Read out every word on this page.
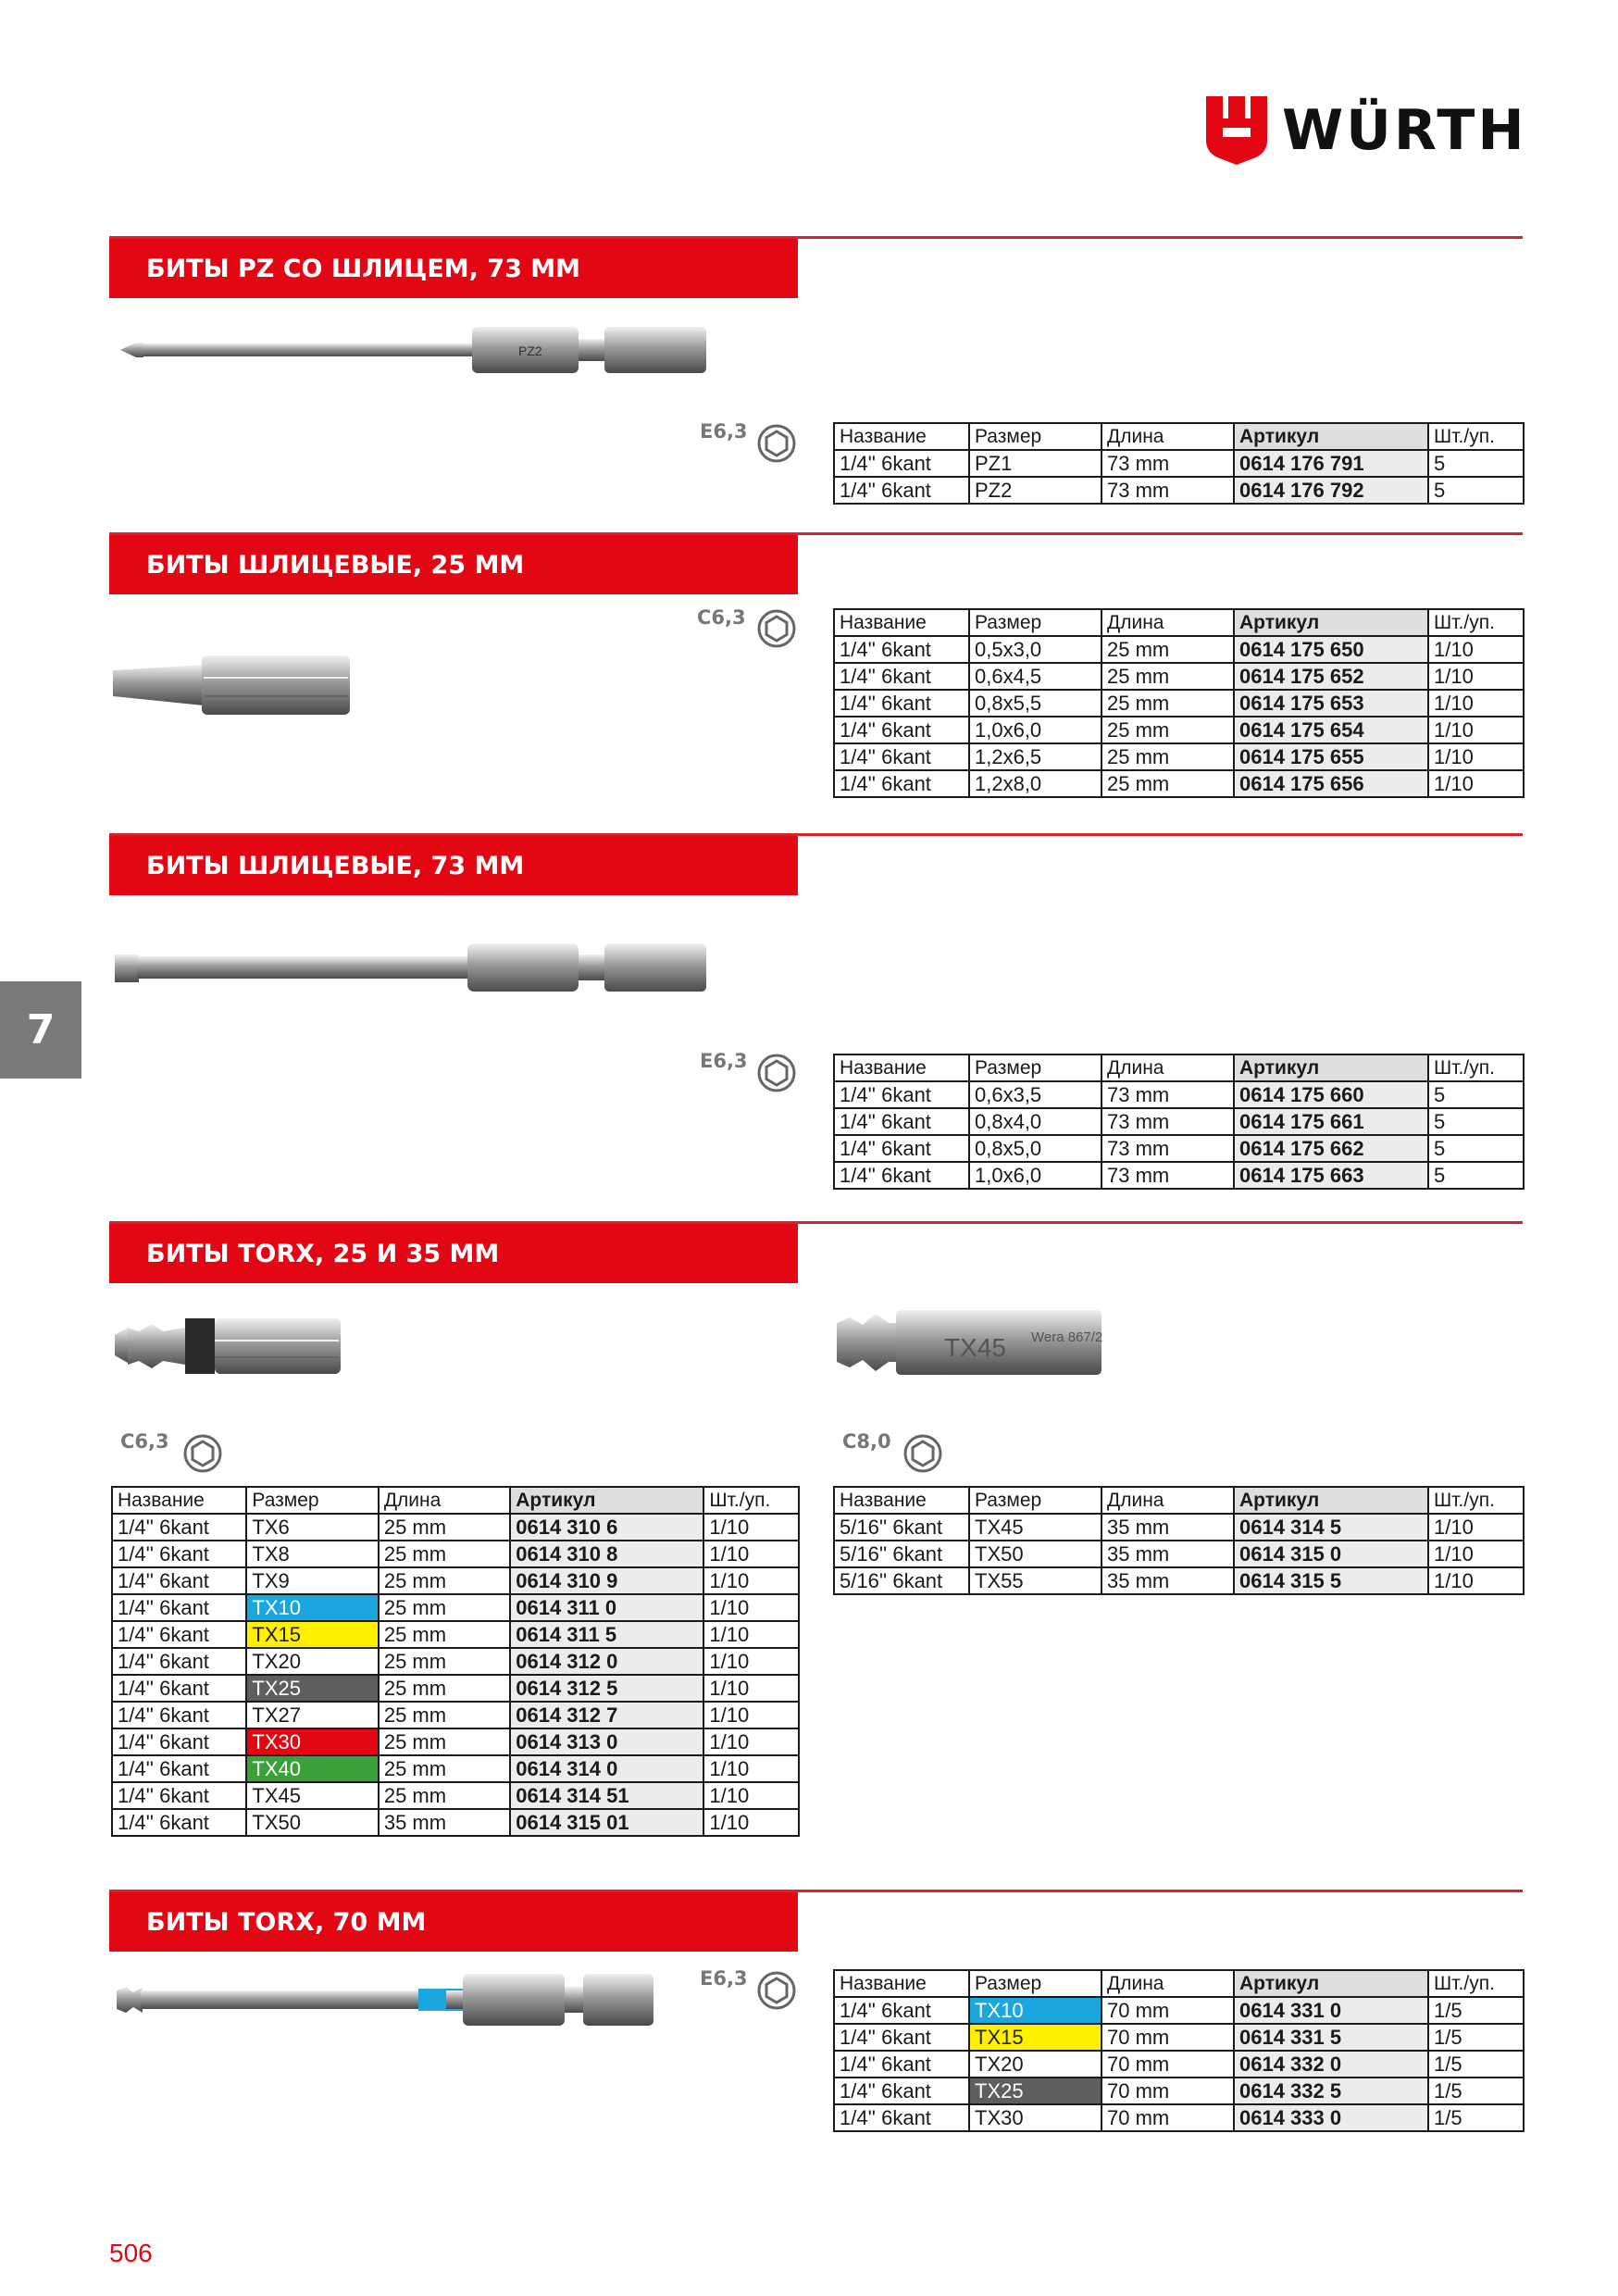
WÜRTH
7
506
БИТЫ PZ СО ШЛИЦЕМ, 73 ММ
PZ2
E6,3	Название	Размер	Длина	Артикул	Шт./уп.
1/4'' 6kant	PZ1	73 mm	0614 176 791	5
1/4'' 6kant	PZ2	73 mm	0614 176 792	5
БИТЫ ШЛИЦЕВЫЕ, 25 ММ
C6,3	Название	Размер	Длина	Артикул	Шт./уп.
1/4'' 6kant	0,5x3,0	25 mm	0614 175 650	1/10
1/4'' 6kant	0,6x4,5	25 mm	0614 175 652	1/10
1/4'' 6kant	0,8x5,5	25 mm	0614 175 653	1/10
1/4'' 6kant	1,0x6,0	25 mm	0614 175 654	1/10
1/4'' 6kant	1,2x6,5	25 mm	0614 175 655	1/10
1/4'' 6kant	1,2x8,0	25 mm	0614 175 656	1/10
БИТЫ ШЛИЦЕВЫЕ, 73 ММ
E6,3	Название	Размер	Длина	Артикул	Шт./уп.
1/4'' 6kant	0,6x3,5	73 mm	0614 175 660	5
1/4'' 6kant	0,8x4,0	73 mm	0614 175 661	5
1/4'' 6kant	0,8x5,0	73 mm	0614 175 662	5
1/4'' 6kant	1,0x6,0	73 mm	0614 175 663	5
БИТЫ TORX, 25 И 35 ММ
TX45 Wera 867/2
C6,3
Название	Размер	Длина	Артикул	Шт./уп.
1/4'' 6kant	TX6	25 mm	0614 310 6	1/10
1/4'' 6kant	TX8	25 mm	0614 310 8	1/10
1/4'' 6kant	TX9	25 mm	0614 310 9	1/10
1/4'' 6kant	TX10	25 mm	0614 311 0	1/10
1/4'' 6kant	TX15	25 mm	0614 311 5	1/10
1/4'' 6kant	TX20	25 mm	0614 312 0	1/10
1/4'' 6kant	TX25	25 mm	0614 312 5	1/10
1/4'' 6kant	TX27	25 mm	0614 312 7	1/10
1/4'' 6kant	TX30	25 mm	0614 313 0	1/10
1/4'' 6kant	TX40	25 mm	0614 314 0	1/10
1/4'' 6kant	TX45	25 mm	0614 314 51	1/10
1/4'' 6kant	TX50	35 mm	0614 315 01	1/10
C8,0
Название	Размер	Длина	Артикул	Шт./уп.
5/16'' 6kant	TX45	35 mm	0614 314 5	1/10
5/16'' 6kant	TX50	35 mm	0614 315 0	1/10
5/16'' 6kant	TX55	35 mm	0614 315 5	1/10
БИТЫ TORX, 70 ММ
E6,3	Название	Размер	Длина	Артикул	Шт./уп.
1/4'' 6kant	TX10	70 mm	0614 331 0	1/5
1/4'' 6kant	TX15	70 mm	0614 331 5	1/5
1/4'' 6kant	TX20	70 mm	0614 332 0	1/5
1/4'' 6kant	TX25	70 mm	0614 332 5	1/5
1/4'' 6kant	TX30	70 mm	0614 333 0	1/5
